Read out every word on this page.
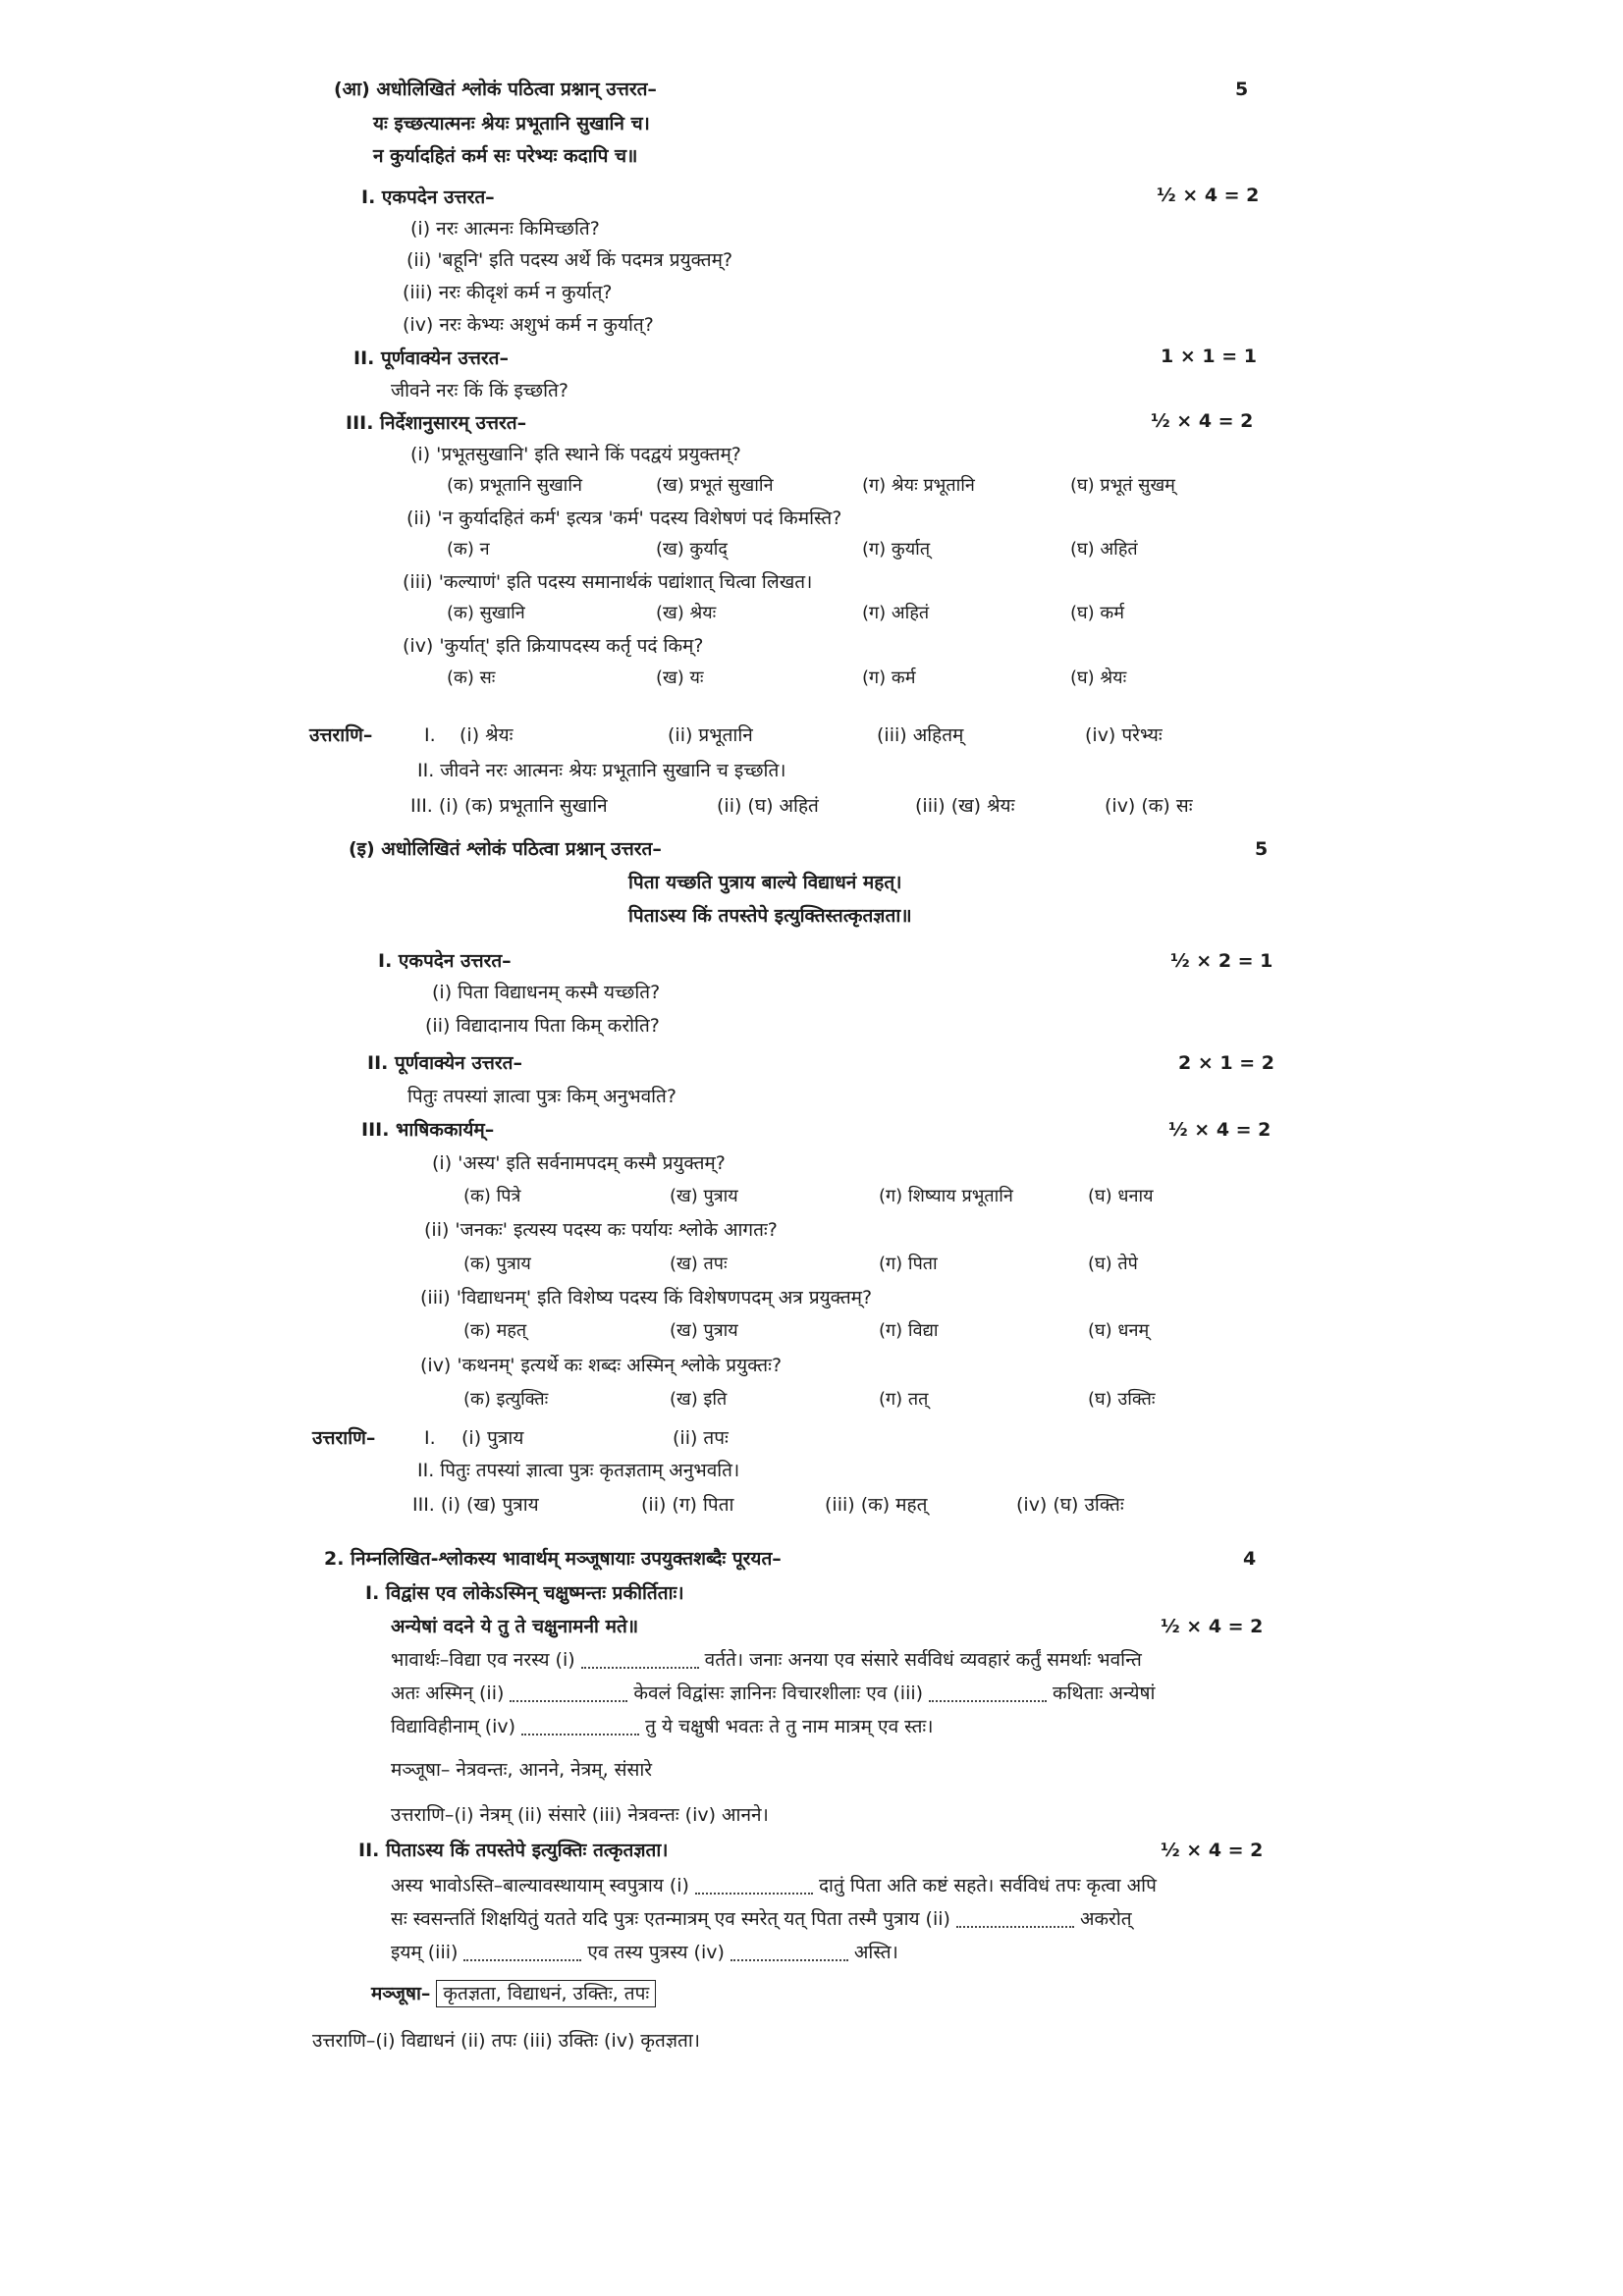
(आ) अधोलिखितं श्लोकं पठित्वा प्रश्नान् उत्तरत–	5
यः इच्छत्यात्मनः श्रेयः प्रभूतानि सुखानि च।
न कुर्यादहितं कर्म सः परेभ्यः कदापि च॥
I. एकपदेन उत्तरत–	½ × 4 = 2
(i) नरः आत्मनः किमिच्छति?
(ii) 'बहूनि' इति पदस्य अर्थे किं पदमत्र प्रयुक्तम्?
(iii) नरः कीदृशं कर्म न कुर्यात्?
(iv) नरः केभ्यः अशुभं कर्म न कुर्यात्?
II. पूर्णवाक्येन उत्तरत–	1 × 1 = 1
जीवने नरः किं किं इच्छति?
III. निर्देशानुसारम् उत्तरत–	½ × 4 = 2
(i) 'प्रभूतसुखानि' इति स्थाने किं पदद्वयं प्रयुक्तम्?
(क) प्रभूतानि सुखानि	(ख) प्रभूतं सुखानि	(ग) श्रेयः प्रभूतानि	(घ) प्रभूतं सुखम्
(ii) 'न कुर्यादहितं कर्म' इत्यत्र 'कर्म' पदस्य विशेषणं पदं किमस्ति?
(क) न	(ख) कुर्याद्	(ग) कुर्यात्	(घ) अहितं
(iii) 'कल्याणं' इति पदस्य समानार्थकं पद्यांशात् चित्वा लिखत।
(क) सुखानि	(ख) श्रेयः	(ग) अहितं	(घ) कर्म
(iv) 'कुर्यात्' इति क्रियापदस्य कर्तृ पदं किम्?
(क) सः	(ख) यः	(ग) कर्म	(घ) श्रेयः
उत्तराणि–	I. (i) श्रेयः	(ii) प्रभूतानि	(iii) अहितम्	(iv) परेभ्यः
II. जीवने नरः आत्मनः श्रेयः प्रभूतानि सुखानि च इच्छति।
III. (i) (क) प्रभूतानि सुखानि	(ii) (घ) अहितं	(iii) (ख) श्रेयः	(iv) (क) सः
(इ) अधोलिखितं श्लोकं पठित्वा प्रश्नान् उत्तरत–	5
पिता यच्छति पुत्राय बाल्ये विद्याधनं महत्।
पिताऽस्य किं तपस्तेपे इत्युक्तिस्तत्कृतज्ञता॥
I. एकपदेन उत्तरत–	½ × 2 = 1
(i) पिता विद्याधनम् कस्मै यच्छति?
(ii) विद्यादानाय पिता किम् करोति?
II. पूर्णवाक्येन उत्तरत–	2 × 1 = 2
पितुः तपस्यां ज्ञात्वा पुत्रः किम् अनुभवति?
III. भाषिककार्यम्–	½ × 4 = 2
(i) 'अस्य' इति सर्वनामपदम् कस्मै प्रयुक्तम्?
(क) पित्रे	(ख) पुत्राय	(ग) शिष्याय प्रभूतानि	(घ) धनाय
(ii) 'जनकः' इत्यस्य पदस्य कः पर्यायः श्लोके आगतः?
(क) पुत्राय	(ख) तपः	(ग) पिता	(घ) तेपे
(iii) 'विद्याधनम्' इति विशेष्य पदस्य किं विशेषणपदम् अत्र प्रयुक्तम्?
(क) महत्	(ख) पुत्राय	(ग) विद्या	(घ) धनम्
(iv) 'कथनम्' इत्यर्थे कः शब्दः अस्मिन् श्लोके प्रयुक्तः?
(क) इत्युक्तिः	(ख) इति	(ग) तत्	(घ) उक्तिः
उत्तराणि–	I. (i) पुत्राय	(ii) तपः
II. पितुः तपस्यां ज्ञात्वा पुत्रः कृतज्ञताम् अनुभवति।
III. (i) (ख) पुत्राय	(ii) (ग) पिता	(iii) (क) महत्	(iv) (घ) उक्तिः
2. निम्नलिखित-श्लोकस्य भावार्थम् मञ्जूषायाः उपयुक्तशब्दैः पूरयत–	4
I. विद्वांस एव लोकेऽस्मिन् चक्षुष्मन्तः प्रकीर्तिताः।
अन्येषां वदने ये तु ते चक्षुनामनी मते॥	½ × 4 = 2
भावार्थः–विद्या एव नरस्य (i)	वर्तते। जनाः अनया एव संसारे सर्वविधं व्यवहारं कर्तुं समर्थाः भवन्ति
अतः अस्मिन् (ii)	केवलं विद्वांसः ज्ञानिनः विचारशीलाः एव (iii)	कथिताः अन्येषां
विद्याविहीनाम् (iv)	तु ये चक्षुषी भवतः ते तु नाम मात्रम् एव स्तः।
मञ्जूषा– नेत्रवन्तः, आनने, नेत्रम्, संसारे
उत्तराणि–(i) नेत्रम् (ii) संसारे (iii) नेत्रवन्तः (iv) आनने।
II. पिताऽस्य किं तपस्तेपे इत्युक्तिः तत्कृतज्ञता।	½ × 4 = 2
अस्य भावोऽस्ति–बाल्यावस्थायाम् स्वपुत्राय (i)	दातुं पिता अति कष्टं सहते। सर्वविधं तपः कृत्वा अपि
सः स्वसन्ततिं शिक्षयितुं यतते यदि पुत्रः एतन्मात्रम् एव स्मरेत् यत् पिता तस्मै पुत्राय (ii)	अकरोत्
इयम् (iii)	एव तस्य पुत्रस्य (iv)	अस्ति।
मञ्जूषा– कृतज्ञता, विद्याधनं, उक्तिः, तपः
उत्तराणि–(i) विद्याधनं (ii) तपः (iii) उक्तिः (iv) कृतज्ञता।
